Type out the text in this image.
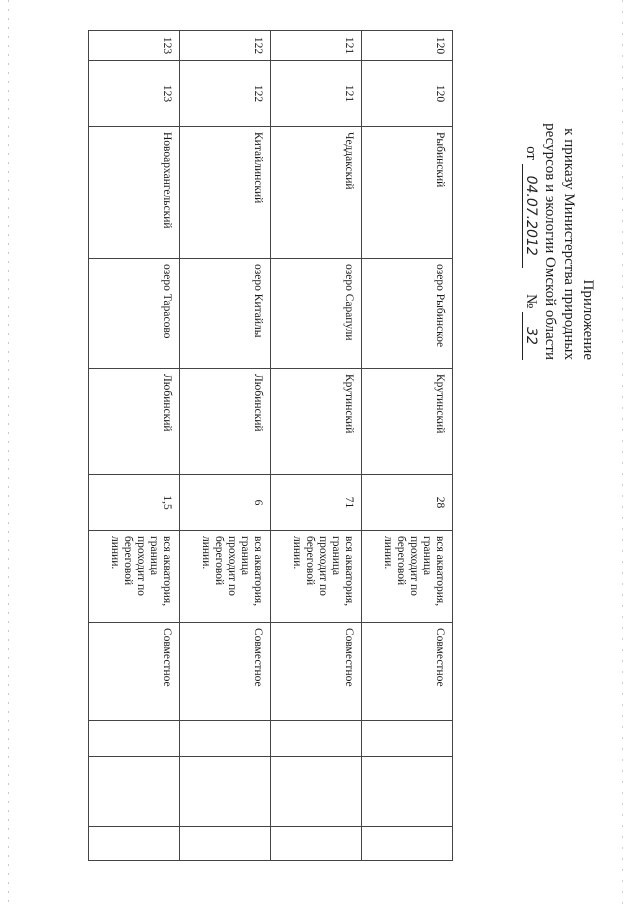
Приложение
к приказу Министерства природных
ресурсов и экологии Омской области
от 04.07.2012       № 32
120	120	Рыбинский	озеро Рыбинское	Крутинский	28	вся акватория, граница проходит по береговой линии.	Совместное			
121	121	Чеддакский	озеро Сарапули	Крутинский	71	вся акватория, граница проходит по береговой линии.	Совместное			
122	122	Китайлинский	озеро Китайлы	Любинский	6	вся акватория, граница проходит по береговой линии.	Совместное			
123	123	Новоархангельский	озеро Тарасово	Любинский	1,5	вся акватория, граница проходит по береговой линии.	Совместное			
